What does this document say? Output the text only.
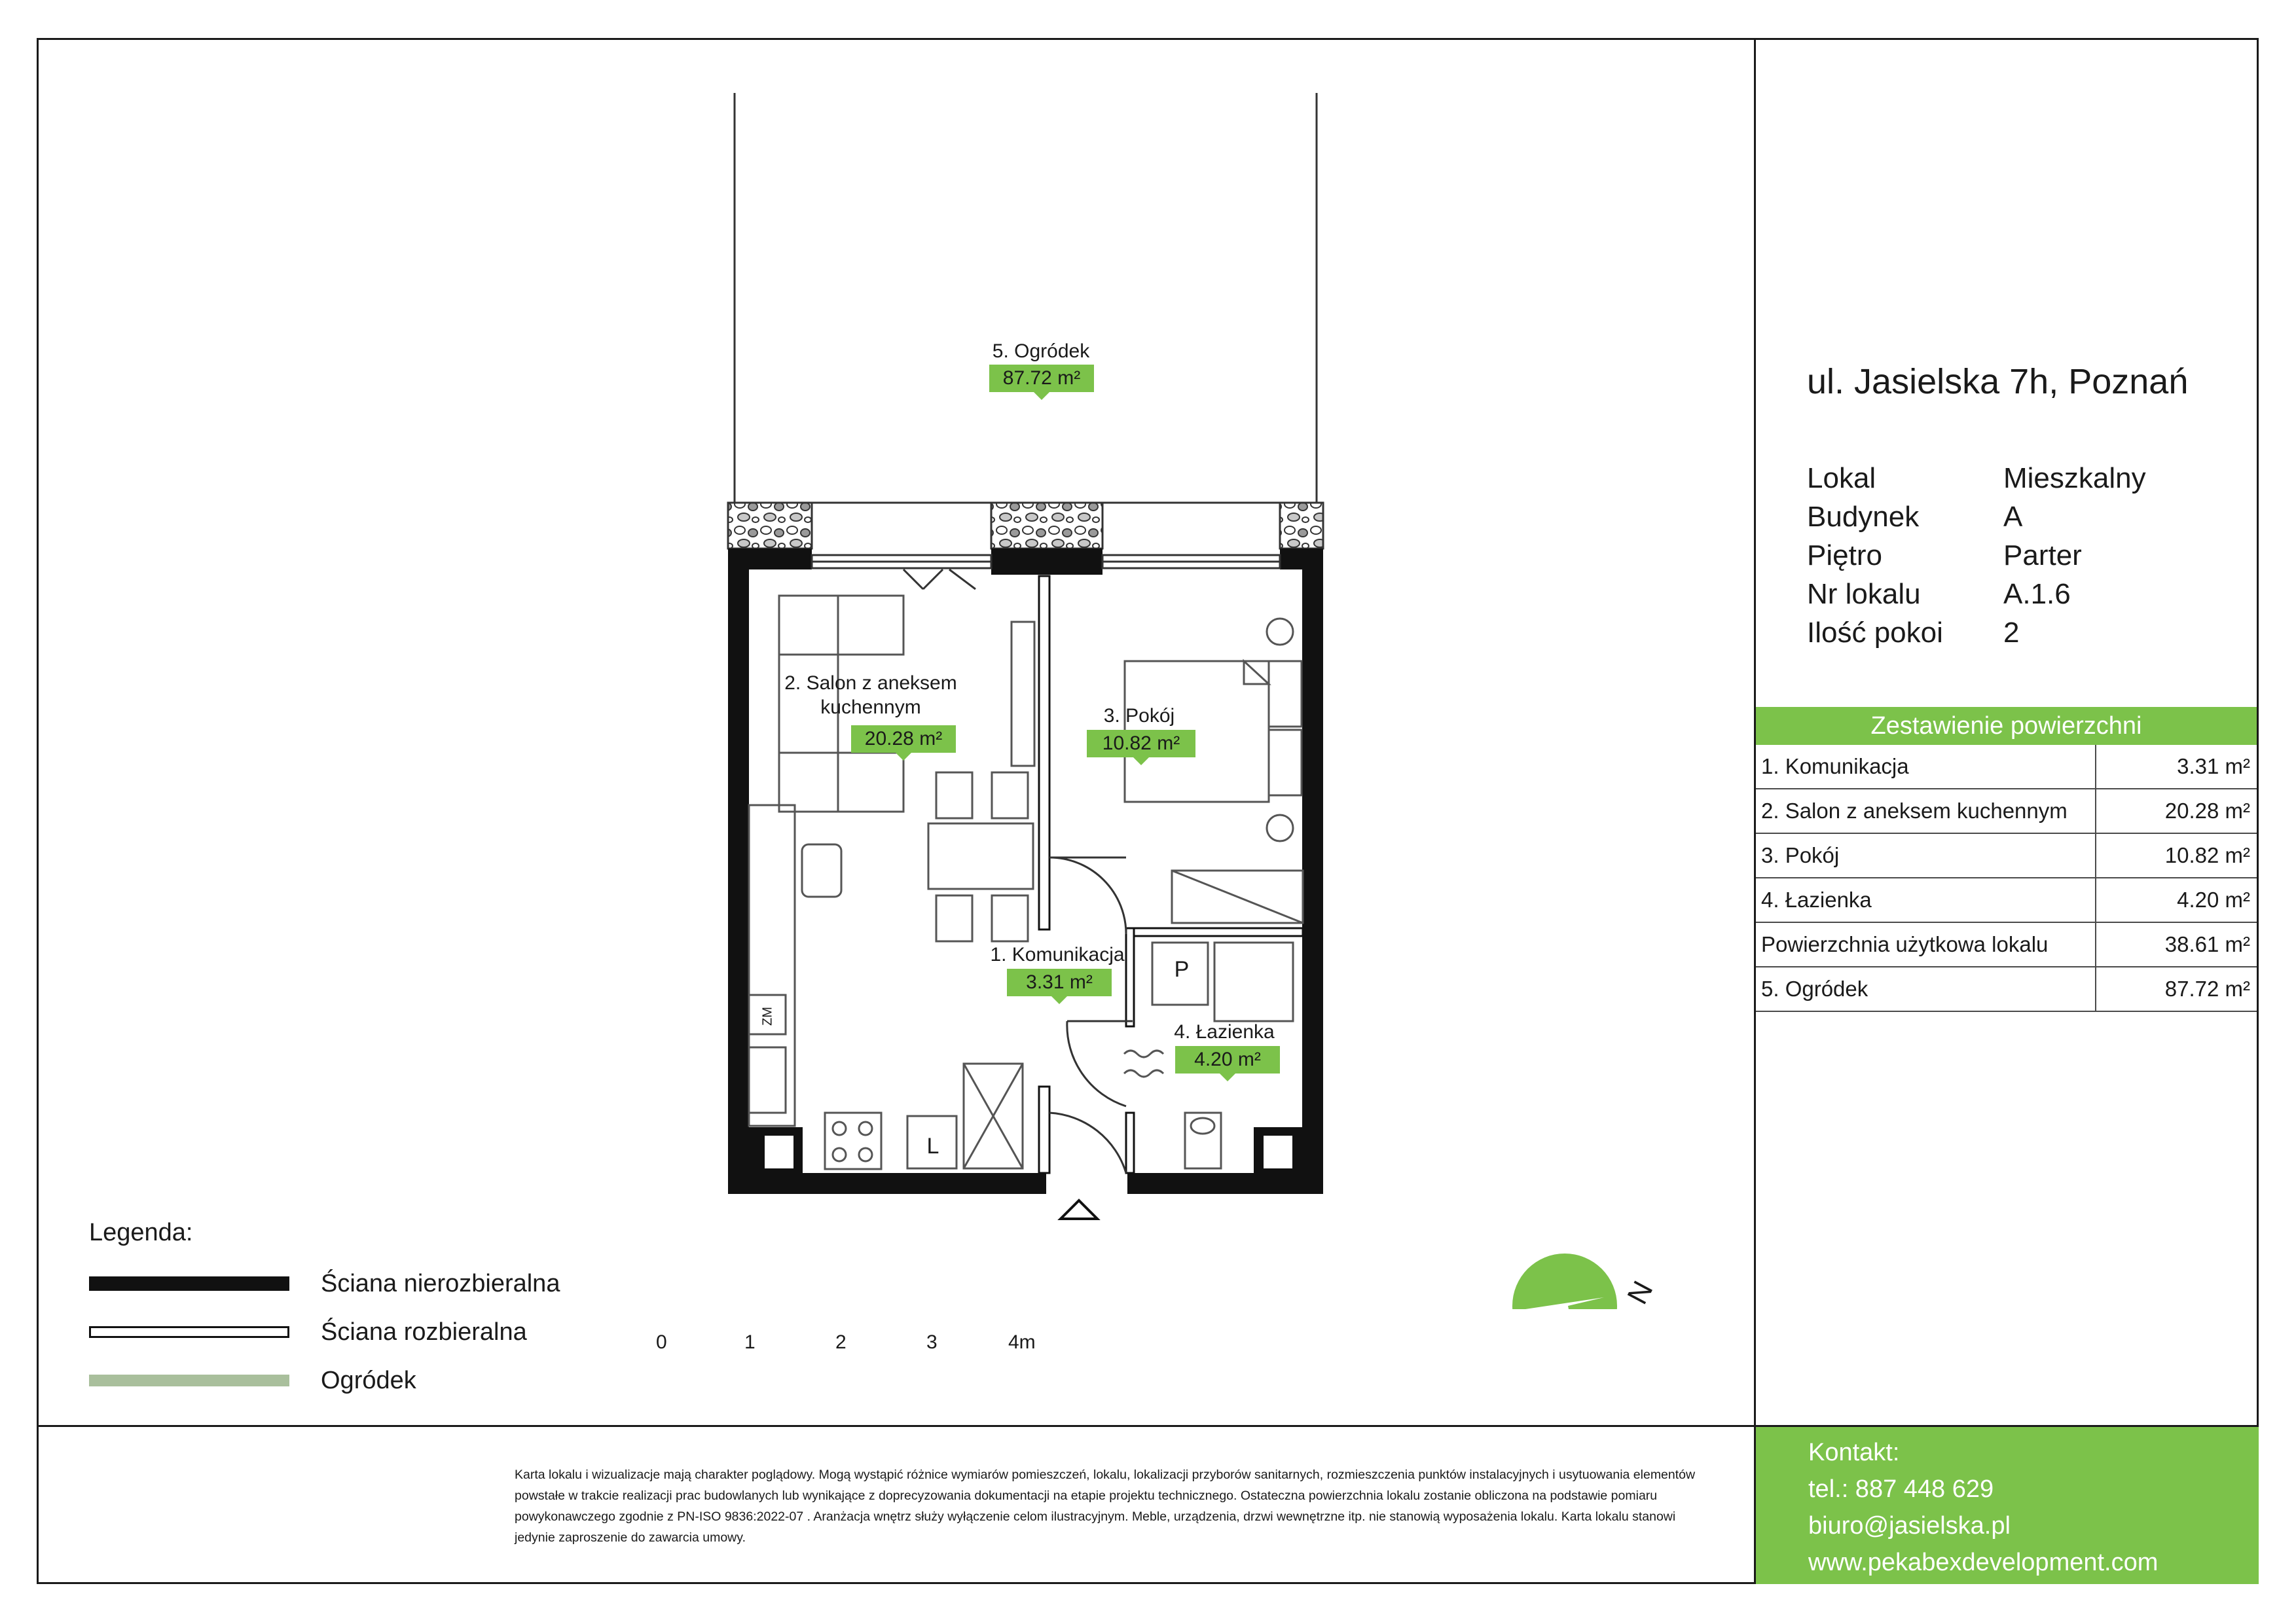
5. Ogródek
87.72 m²
2. Salon z aneksem
kuchennym
20.28 m²
3. Pokój
10.82 m²
1. Komunikacja
3.31 m²
4. Łazienka
4.20 m²
P
L
ZM
Legenda:
Ściana nierozbieralna
Ściana rozbieralna
Ogródek
0	1	2	3	4m
N
ul. Jasielska 7h, Poznań
Lokal	Mieszkalny
Budynek	A
Piętro	Parter
Nr lokalu	A.1.6
Ilość pokoi 2
Zestawienie powierzchni
1. Komunikacja	3.31 m²
2. Salon z aneksem kuchennym	20.28 m²
3. Pokój	10.82 m²
4. Łazienka	4.20 m²
Powierzchnia użytkowa lokalu	38.61 m²
5. Ogródek	87.72 m²
Karta lokalu i wizualizacje mają charakter poglądowy. Mogą wystąpić różnice wymiarów pomieszczeń, lokalu, lokalizacji przyborów sanitarnych, rozmieszczenia punktów instalacyjnych i usytuowania elementów powstałe w trakcie realizacji prac budowlanych lub wynikające z doprecyzowania dokumentacji na etapie projektu technicznego. Ostateczna powierzchnia lokalu zostanie obliczona na podstawie pomiaru powykonawczego zgodnie z PN-ISO 9836:2022-07 . Aranżacja wnętrz służy wyłączenie celom ilustracyjnym. Meble, urządzenia, drzwi wewnętrzne itp. nie stanowią wyposażenia lokalu. Karta lokalu stanowi jedynie zaproszenie do zawarcia umowy.
Kontakt:
tel.: 887 448 629
biuro@jasielska.pl
www.pekabexdevelopment.com
